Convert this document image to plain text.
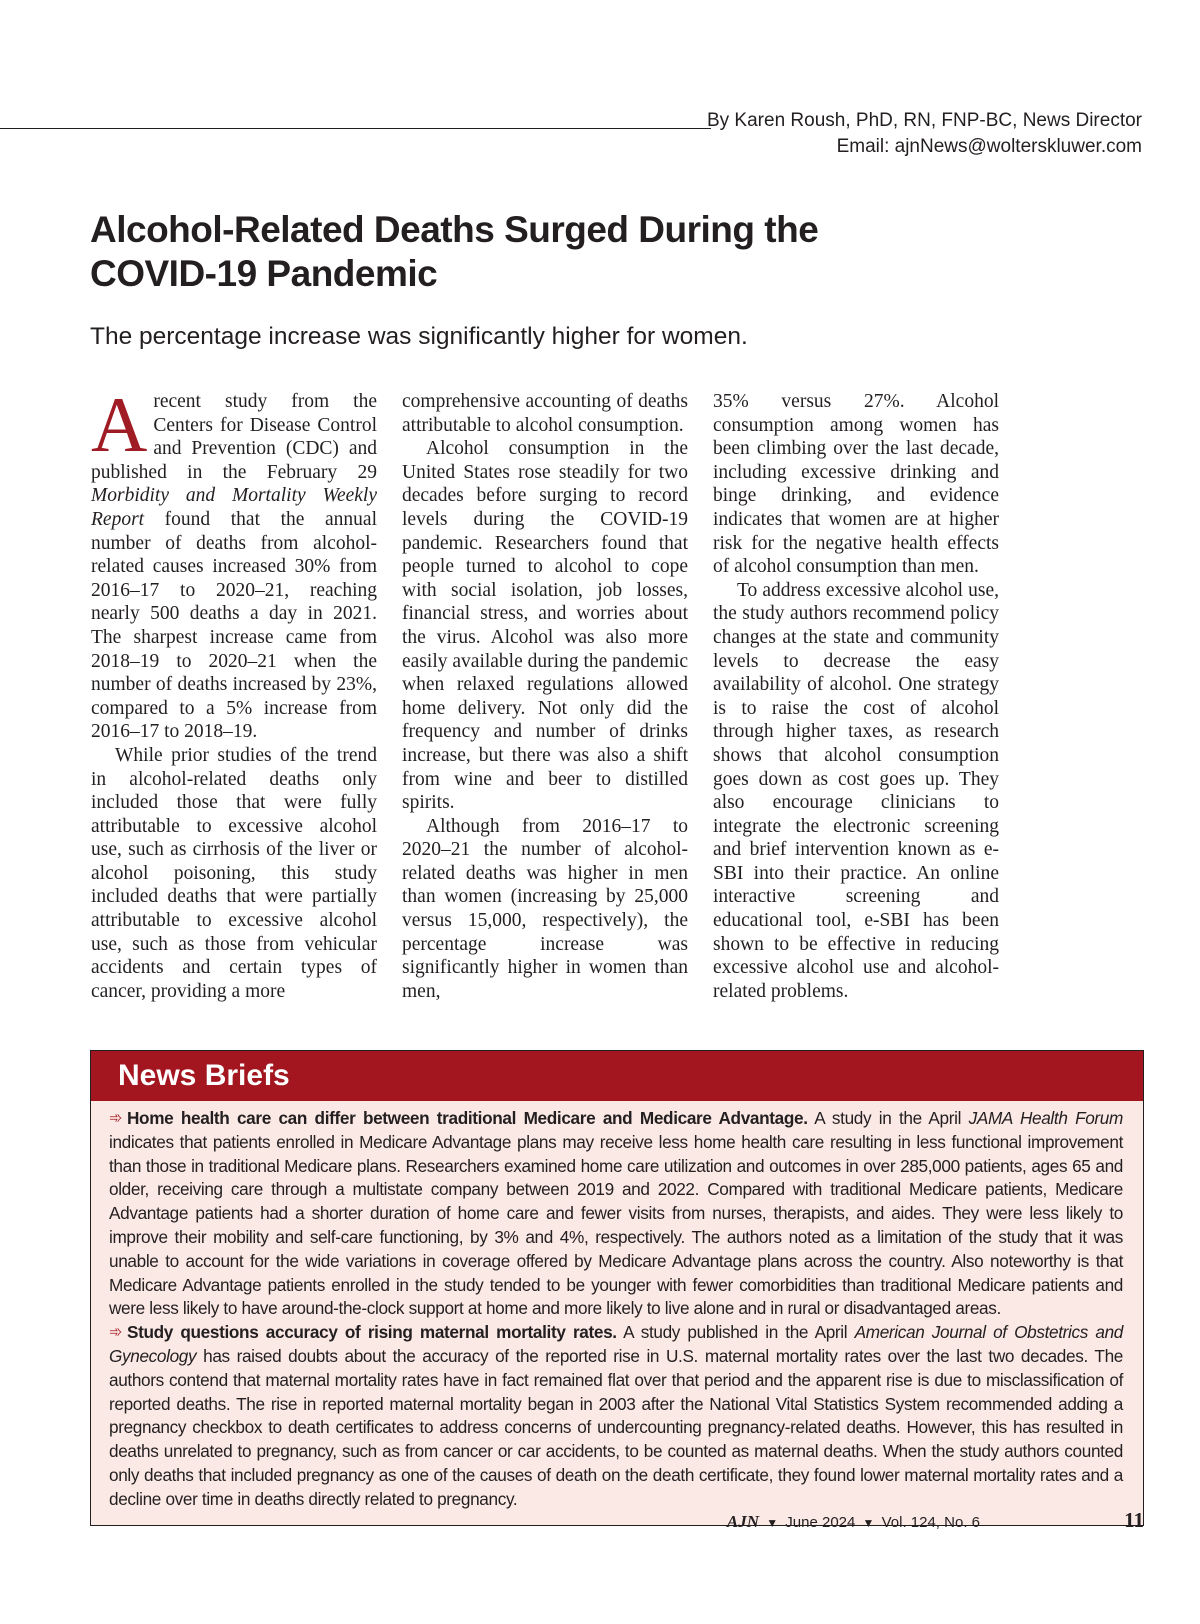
By Karen Roush, PhD, RN, FNP-BC, News Director
Email: ajnNews@wolterskluwer.com
Alcohol-Related Deaths Surged During the
COVID-19 Pandemic
The percentage increase was significantly higher for women.

Arecent study from the Centers for Disease Control and Prevention (CDC) and published in the February 29 Morbidity and Mortality Weekly Report found that the annual number of deaths from alcohol-related causes increased 30% from 2016–17 to 2020–21, reaching nearly 500 deaths a day in 2021. The sharpest increase came from 2018–19 to 2020–21 when the number of deaths increased by 23%, compared to a 5% increase from 2016–17 to 2018–19.

While prior studies of the trend in alcohol-related deaths only included those that were fully attributable to excessive alcohol use, such as cirrhosis of the liver or alcohol poisoning, this study included deaths that were partially attributable to excessive alcohol use, such as those from vehicular accidents and certain types of cancer, providing a more

comprehensive accounting of deaths attributable to alcohol consumption.

Alcohol consumption in the United States rose steadily for two decades before surging to record levels during the COVID-19 pandemic. Researchers found that people turned to alcohol to cope with social isolation, job losses, financial stress, and worries about the virus. Alcohol was also more easily available during the pandemic when relaxed regulations allowed home delivery. Not only did the frequency and number of drinks increase, but there was also a shift from wine and beer to distilled spirits.

Although from 2016–17 to 2020–21 the number of alcohol-related deaths was higher in men than women (increasing by 25,000 versus 15,000, respectively), the percentage increase was significantly higher in women than men,

35% versus 27%. Alcohol consumption among women has been climbing over the last decade, including excessive drinking and binge drinking, and evidence indicates that women are at higher risk for the negative health effects of alcohol consumption than men.

To address excessive alcohol use, the study authors recommend policy changes at the state and community levels to decrease the easy availability of alcohol. One strategy is to raise the cost of alcohol through higher taxes, as research shows that alcohol consumption goes down as cost goes up. They also encourage clinicians to integrate the electronic screening and brief intervention known as e-SBI into their practice. An online interactive screening and educational tool, e-SBI has been shown to be effective in reducing excessive alcohol use and alcohol-related problems.

News Briefs

➾ Home health care can differ between traditional Medicare and Medicare Advantage. A study in the April JAMA Health Forum indicates that patients enrolled in Medicare Advantage plans may receive less home health care resulting in less functional improvement than those in traditional Medicare plans. Researchers examined home care utilization and outcomes in over 285,000 patients, ages 65 and older, receiving care through a multistate company between 2019 and 2022. Compared with traditional Medicare patients, Medicare Advantage patients had a shorter duration of home care and fewer visits from nurses, therapists, and aides. They were less likely to improve their mobility and self-care functioning, by 3% and 4%, respectively. The authors noted as a limitation of the study that it was unable to account for the wide variations in coverage offered by Medicare Advantage plans across the country. Also noteworthy is that Medicare Advantage patients enrolled in the study tended to be younger with fewer comorbidities than traditional Medicare patients and were less likely to have around-the-clock support at home and more likely to live alone and in rural or disadvantaged areas.

➾ Study questions accuracy of rising maternal mortality rates. A study published in the April American Journal of Obstetrics and Gynecology has raised doubts about the accuracy of the reported rise in U.S. maternal mortality rates over the last two decades. The authors contend that maternal mortality rates have in fact remained flat over that period and the apparent rise is due to misclassification of reported deaths. The rise in reported maternal mortality began in 2003 after the National Vital Statistics System recommended adding a pregnancy checkbox to death certificates to address concerns of undercounting pregnancy-related deaths. However, this has resulted in deaths unrelated to pregnancy, such as from cancer or car accidents, to be counted as maternal deaths. When the study authors counted only deaths that included pregnancy as one of the causes of death on the death certificate, they found lower maternal mortality rates and a decline over time in deaths directly related to pregnancy.

AJN ▼ June 2024 ▼ Vol. 124, No. 6	11
